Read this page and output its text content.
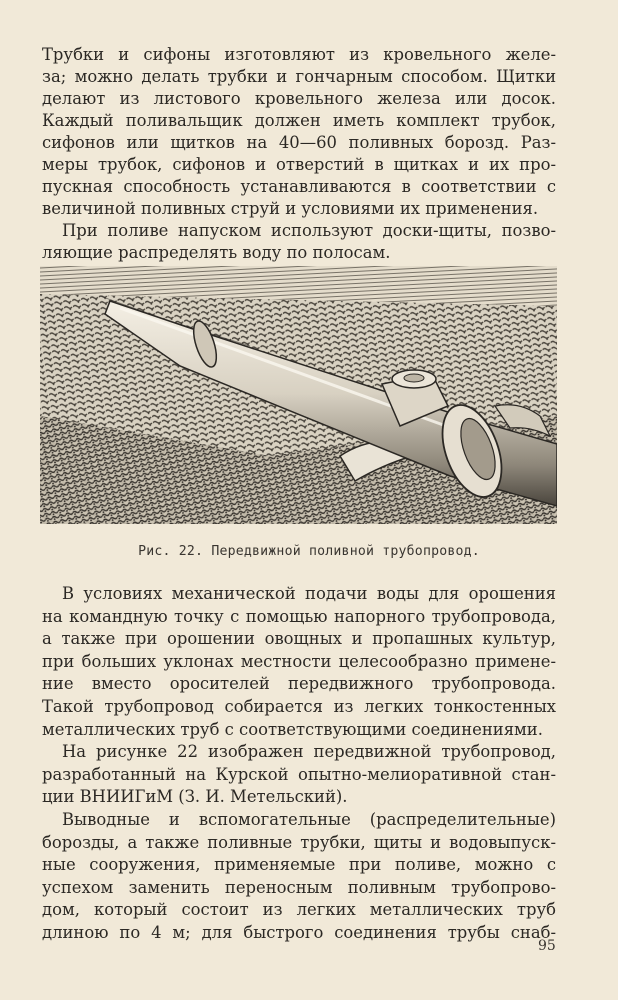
Трубки и сифоны изготовляют из кровельного желе-
за; можно делать трубки и гончарным способом. Щитки
делают из листового кровельного железа или досок.
Каждый поливальщик должен иметь комплект трубок,
сифонов или щитков на 40—60 поливных борозд. Раз-
меры трубок, сифонов и отверстий в щитках и их про-
пускная способность устанавливаются в соответствии с
величиной поливных струй и условиями их применения.
При поливе напуском используют доски-щиты, позво-
ляющие распределять воду по полосам.
Рис. 22. Передвижной поливной трубопровод.
В условиях механической подачи воды для орошения
на командную точку с помощью напорного трубопровода,
а также при орошении овощных и пропашных культур,
при больших уклонах местности целесообразно примене-
ние вместо оросителей передвижного трубопровода.
Такой трубопровод собирается из легких тонкостенных
металлических труб с соответствующими соединениями.
На рисунке 22 изображен передвижной трубопровод,
разработанный на Курской опытно-мелиоративной стан-
ции ВНИИГиМ (З. И. Метельский).
Выводные и вспомогательные (распределительные)
борозды, а также поливные трубки, щиты и водовыпуск-
ные сооружения, применяемые при поливе, можно с
успехом заменить переносным поливным трубопрово-
дом, который состоит из легких металлических труб
длиною по 4 м; для быстрого соединения трубы снаб-
95
